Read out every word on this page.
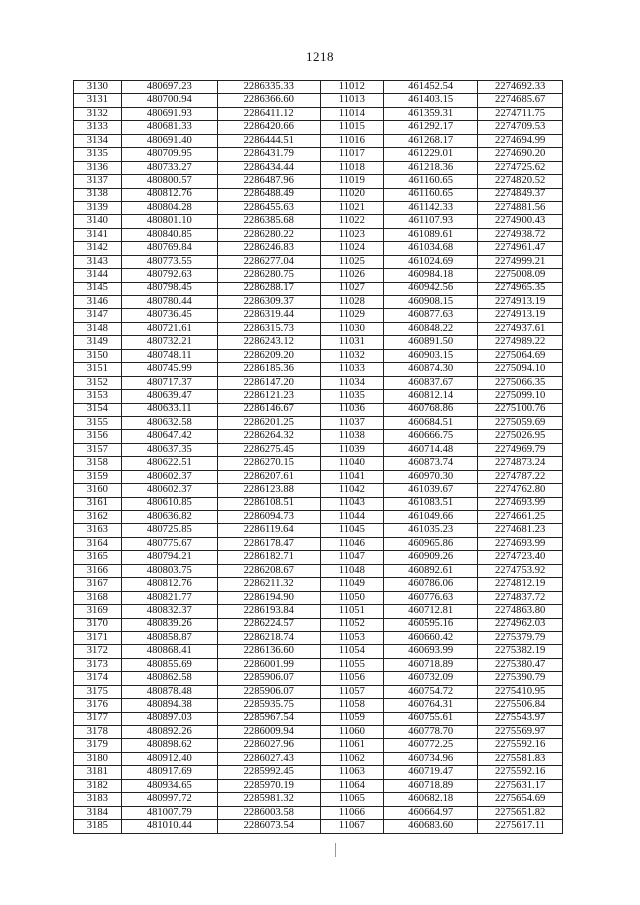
1218
3130	480697.23	2286335.33	11012	461452.54	2274692.33
3131	480700.94	2286366.60	11013	461403.15	2274685.67
3132	480691.93	2286411.12	11014	461359.31	2274711.75
3133	480681.33	2286420.66	11015	461292.17	2274709.53
3134	480691.40	2286444.51	11016	461268.17	2274694.99
3135	480709.95	2286431.79	11017	461229.01	2274690.20
3136	480733.27	2286434.44	11018	461218.36	2274725.62
3137	480800.57	2286487.96	11019	461160.65	2274820.52
3138	480812.76	2286488.49	11020	461160.65	2274849.37
3139	480804.28	2286455.63	11021	461142.33	2274881.56
3140	480801.10	2286385.68	11022	461107.93	2274900.43
3141	480840.85	2286280.22	11023	461089.61	2274938.72
3142	480769.84	2286246.83	11024	461034.68	2274961.47
3143	480773.55	2286277.04	11025	461024.69	2274999.21
3144	480792.63	2286280.75	11026	460984.18	2275008.09
3145	480798.45	2286288.17	11027	460942.56	2274965.35
3146	480780.44	2286309.37	11028	460908.15	2274913.19
3147	480736.45	2286319.44	11029	460877.63	2274913.19
3148	480721.61	2286315.73	11030	460848.22	2274937.61
3149	480732.21	2286243.12	11031	460891.50	2274989.22
3150	480748.11	2286209.20	11032	460903.15	2275064.69
3151	480745.99	2286185.36	11033	460874.30	2275094.10
3152	480717.37	2286147.20	11034	460837.67	2275066.35
3153	480639.47	2286121.23	11035	460812.14	2275099.10
3154	480633.11	2286146.67	11036	460768.86	2275100.76
3155	480632.58	2286201.25	11037	460684.51	2275059.69
3156	480647.42	2286264.32	11038	460666.75	2275026.95
3157	480637.35	2286275.45	11039	460714.48	2274969.79
3158	480622.51	2286270.15	11040	460873.74	2274873.24
3159	480602.37	2286207.61	11041	460970.30	2274787.22
3160	480602.37	2286123.88	11042	461039.67	2274762.80
3161	480610.85	2286108.51	11043	461083.51	2274693.99
3162	480636.82	2286094.73	11044	461049.66	2274661.25
3163	480725.85	2286119.64	11045	461035.23	2274681.23
3164	480775.67	2286178.47	11046	460965.86	2274693.99
3165	480794.21	2286182.71	11047	460909.26	2274723.40
3166	480803.75	2286208.67	11048	460892.61	2274753.92
3167	480812.76	2286211.32	11049	460786.06	2274812.19
3168	480821.77	2286194.90	11050	460776.63	2274837.72
3169	480832.37	2286193.84	11051	460712.81	2274863.80
3170	480839.26	2286224.57	11052	460595.16	2274962.03
3171	480858.87	2286218.74	11053	460660.42	2275379.79
3172	480868.41	2286136.60	11054	460693.99	2275382.19
3173	480855.69	2286001.99	11055	460718.89	2275380.47
3174	480862.58	2285906.07	11056	460732.09	2275390.79
3175	480878.48	2285906.07	11057	460754.72	2275410.95
3176	480894.38	2285935.75	11058	460764.31	2275506.84
3177	480897.03	2285967.54	11059	460755.61	2275543.97
3178	480892.26	2286009.94	11060	460778.70	2275569.97
3179	480898.62	2286027.96	11061	460772.25	2275592.16
3180	480912.40	2286027.43	11062	460734.96	2275581.83
3181	480917.69	2285992.45	11063	460719.47	2275592.16
3182	480934.65	2285970.19	11064	460718.89	2275631.17
3183	480997.72	2285981.32	11065	460682.18	2275654.69
3184	481007.79	2286003.58	11066	460664.97	2275651.82
3185	481010.44	2286073.54	11067	460683.60	2275617.11
